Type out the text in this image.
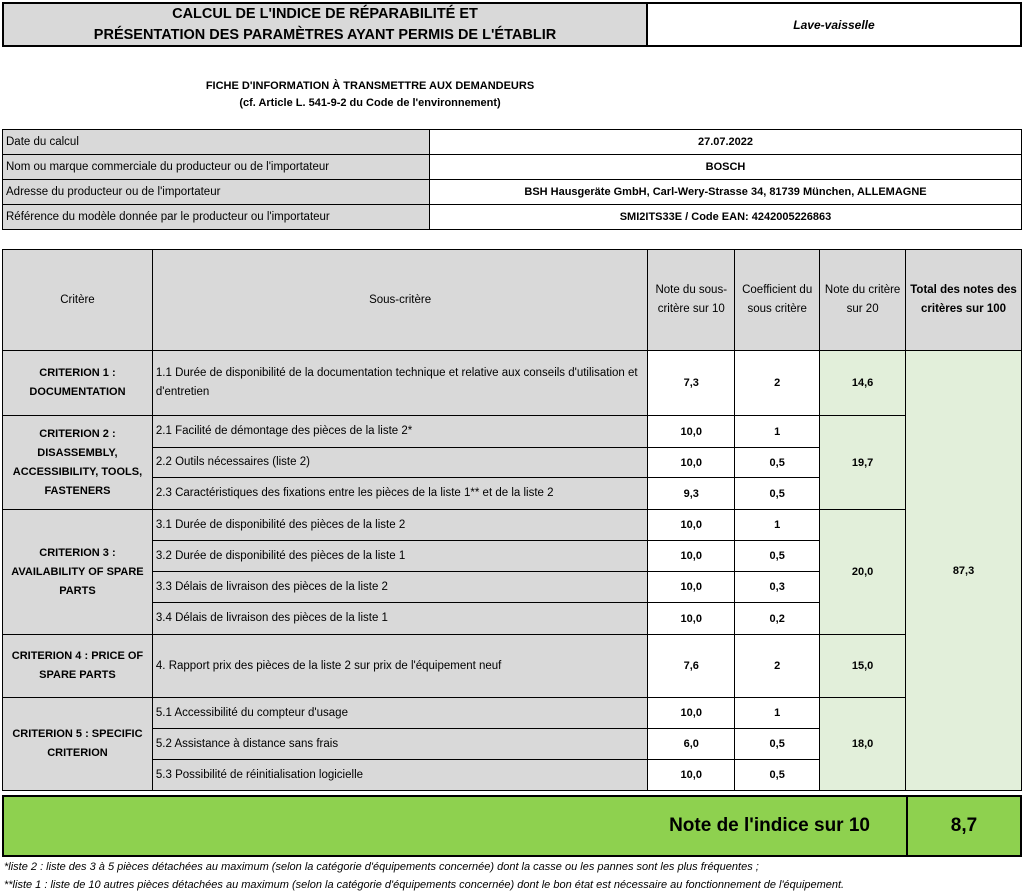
CALCUL DE L'INDICE DE RÉPARABILITÉ ET
PRÉSENTATION DES PARAMÈTRES AYANT PERMIS DE L'ÉTABLIR
Lave-vaisselle
FICHE D'INFORMATION À TRANSMETTRE AUX DEMANDEURS
(cf. Article L. 541-9-2 du Code de l'environnement)
Date du calcul	27.07.2022
Nom ou marque commerciale du producteur ou de l'importateur	BOSCH
Adresse du producteur ou de l'importateur	BSH Hausgeräte GmbH, Carl-Wery-Strasse 34, 81739 München, ALLEMAGNE
Référence du modèle donnée par le producteur ou l'importateur	SMI2ITS33E / Code EAN: 4242005226863
Critère	Sous-critère	Note du sous-critère sur 10	Coefficient du sous critère	Note du critère sur 20	Total des notes des critères sur 100
CRITERION 1 : DOCUMENTATION	1.1 Durée de disponibilité de la documentation technique et relative aux conseils d'utilisation et d'entretien	7,3	2	14,6	87,3
CRITERION 2 : DISASSEMBLY, ACCESSIBILITY, TOOLS, FASTENERS	2.1 Facilité de démontage des pièces de la liste 2*	10,0	1	19,7	
	2.2 Outils nécessaires (liste 2)	10,0	0,5		
	2.3 Caractéristiques des fixations entre les pièces de la liste 1** et de la liste 2	9,3	0,5		
CRITERION 3 : AVAILABILITY OF SPARE PARTS	3.1 Durée de disponibilité des pièces de la liste 2	10,0	1	20,0	
	3.2 Durée de disponibilité des pièces de la liste 1	10,0	0,5		
	3.3 Délais de livraison des pièces de la liste 2	10,0	0,3		
	3.4 Délais de livraison des pièces de la liste 1	10,0	0,2		
CRITERION 4 : PRICE OF SPARE PARTS	4. Rapport prix des pièces de la liste 2 sur prix de l'équipement neuf	7,6	2	15,0	
CRITERION 5 : SPECIFIC CRITERION	5.1 Accessibilité du compteur d'usage	10,0	1	18,0	
	5.2 Assistance à distance sans frais	6,0	0,5		
	5.3 Possibilité de réinitialisation logicielle	10,0	0,5		
Note de l'indice sur 10	8,7
*liste 2 : liste des 3 à 5 pièces détachées au maximum (selon la catégorie d'équipements concernée) dont la casse ou les pannes sont les plus fréquentes ;
**liste 1 : liste de 10 autres pièces détachées au maximum (selon la catégorie d'équipements concernée) dont le bon état est nécessaire au fonctionnement de l'équipement.
